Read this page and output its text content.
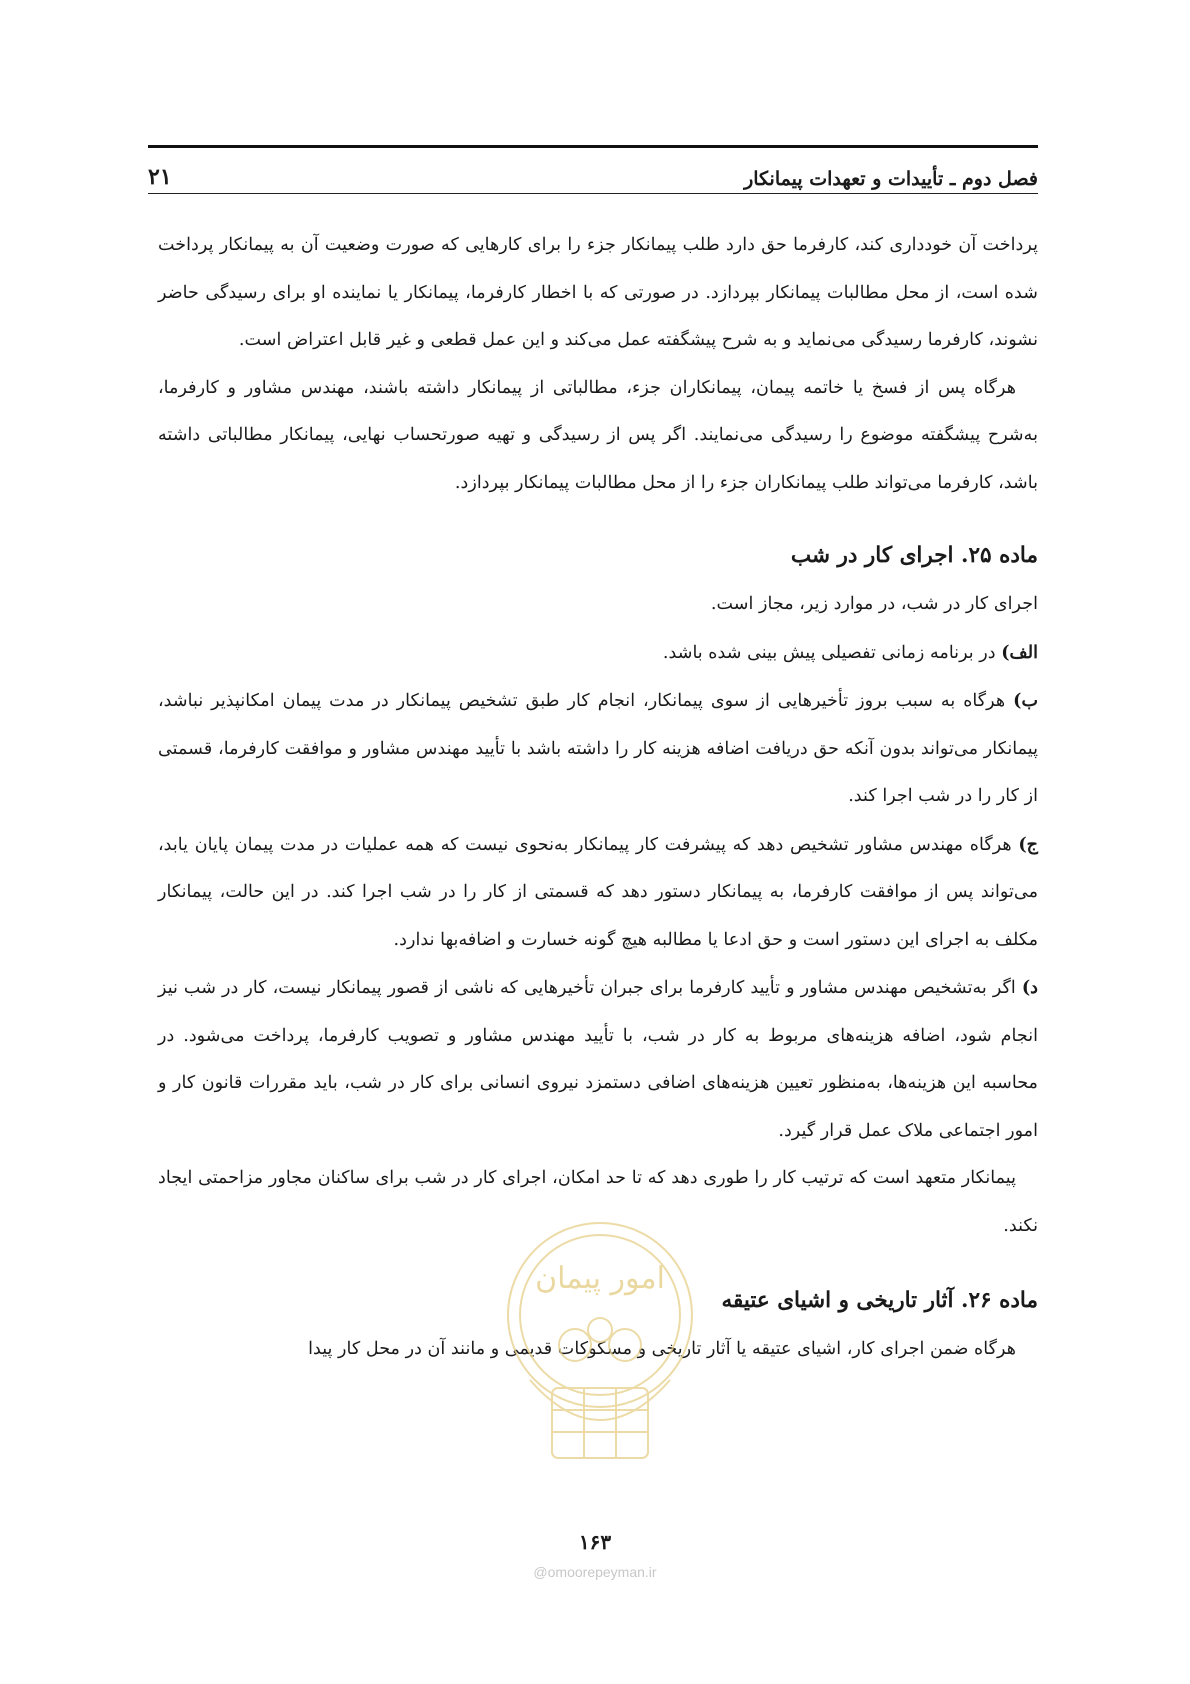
فصل دوم ـ تأییدات و تعهدات پیمانکار
۲۱

پرداخت آن خودداری کند، کارفرما حق دارد طلب پیمانکار جزء را برای کارهایی که صورت وضعیت آن به پیمانکار پرداخت شده است، از محل مطالبات پیمانکار بپردازد. در صورتی که با اخطار کارفرما، پیمانکار یا نماینده او برای رسیدگی حاضر نشوند، کارفرما رسیدگی می‌نماید و به شرح پیشگفته عمل می‌کند و این عمل قطعی و غیر قابل اعتراض است.

هرگاه پس از فسخ یا خاتمه پیمان، پیمانکاران جزء، مطالباتی از پیمانکار داشته باشند، مهندس مشاور و کارفرما، به‌شرح پیشگفته موضوع را رسیدگی می‌نمایند. اگر پس از رسیدگی و تهیه صورتحساب نهایی، پیمانکار مطالباتی داشته باشد، کارفرما می‌تواند طلب پیمانکاران جزء را از محل مطالبات پیمانکار بپردازد.

ماده ۲۵. اجرای کار در شب

اجرای کار در شب، در موارد زیر، مجاز است.

الف) در برنامه زمانی تفصیلی پیش بینی شده باشد.

ب) هرگاه به سبب بروز تأخیرهایی از سوی پیمانکار، انجام کار طبق تشخیص پیمانکار در مدت پیمان امکانپذیر نباشد، پیمانکار می‌تواند بدون آنکه حق دریافت اضافه هزینه کار را داشته باشد با تأیید مهندس مشاور و موافقت کارفرما، قسمتی از کار را در شب اجرا کند.

ج) هرگاه مهندس مشاور تشخیص دهد که پیشرفت کار پیمانکار به‌نحوی نیست که همه عملیات در مدت پیمان پایان یابد، می‌تواند پس از موافقت کارفرما، به پیمانکار دستور دهد که قسمتی از کار را در شب اجرا کند. در این حالت، پیمانکار مکلف به اجرای این دستور است و حق ادعا یا مطالبه هیچ گونه خسارت و اضافه‌بها ندارد.

د) اگر به‌تشخیص مهندس مشاور و تأیید کارفرما برای جبران تأخیرهایی که ناشی از قصور پیمانکار نیست، کار در شب نیز انجام شود، اضافه هزینه‌های مربوط به کار در شب، با تأیید مهندس مشاور و تصویب کارفرما، پرداخت می‌شود. در محاسبه این هزینه‌ها، به‌منظور تعیین هزینه‌های اضافی دستمزد نیروی انسانی برای کار در شب، باید مقررات قانون کار و امور اجتماعی ملاک عمل قرار گیرد.

پیمانکار متعهد است که ترتیب کار را طوری دهد که تا حد امکان، اجرای کار در شب برای ساکنان مجاور مزاحمتی ایجاد نکند.

ماده ۲۶. آثار تاریخی و اشیای عتیقه

هرگاه ضمن اجرای کار، اشیای عتیقه یا آثار تاریخی و مسکوکات قدیمی و مانند آن در محل کار پیدا

امور پیمان
۱۶۳
@omoorepeyman.ir
